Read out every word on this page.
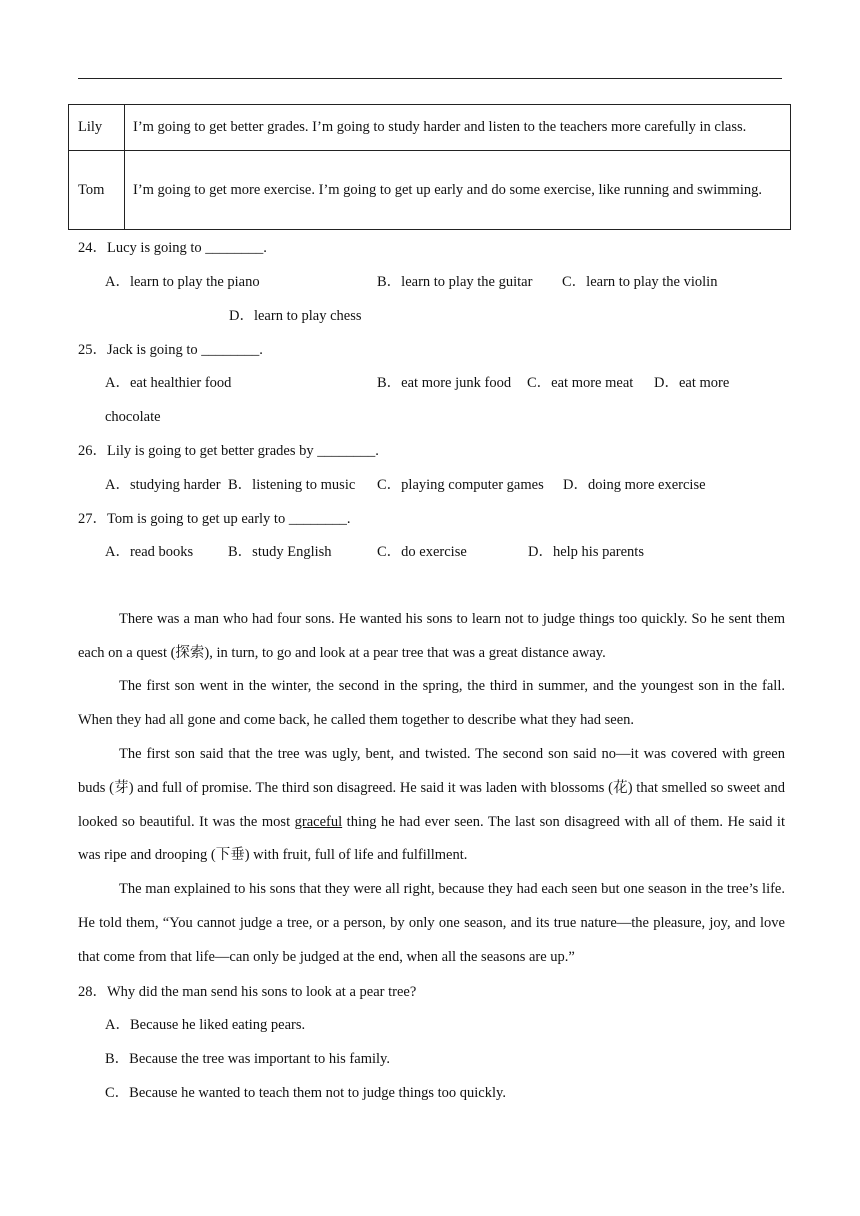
Lily	I’m going to get better grades. I’m going to study harder and listen to the teachers more carefully in class.
Tom	I’m going to get more exercise. I’m going to get up early and do some exercise, like running and swimming.
24．Lucy is going to ________.
A．learn to play the piano	B．learn to play the guitar C．learn to play the violin
D．learn to play chess
25．Jack is going to ________.
A．eat healthier food	B．eat more junk food C．eat more meat D．eat more
chocolate
26．Lily is going to get better grades by ________.
A．studying harder B．listening to music C．playing computer games D．doing more exercise
27．Tom is going to get up early to ________.
A．read books B．study English	C．do exercise	D．help his parents
There was a man who had four sons. He wanted his sons to learn not to judge things too quickly. So he sent them each on a quest (探索), in turn, to go and look at a pear tree that was a great distance away.
The first son went in the winter, the second in the spring, the third in summer, and the youngest son in the fall. When they had all gone and come back, he called them together to describe what they had seen.
The first son said that the tree was ugly, bent, and twisted. The second son said no—it was covered with green buds (芽) and full of promise. The third son disagreed. He said it was laden with blossoms (花) that smelled so sweet and looked so beautiful. It was the most graceful thing he had ever seen. The last son disagreed with all of them. He said it was ripe and drooping (下垂) with fruit, full of life and fulfillment.
The man explained to his sons that they were all right, because they had each seen but one season in the tree’s life. He told them, “You cannot judge a tree, or a person, by only one season, and its true nature—the pleasure, joy, and love that come from that life—can only be judged at the end, when all the seasons are up.”
28．Why did the man send his sons to look at a pear tree?
A．Because he liked eating pears.
B．Because the tree was important to his family.
C．Because he wanted to teach them not to judge things too quickly.
